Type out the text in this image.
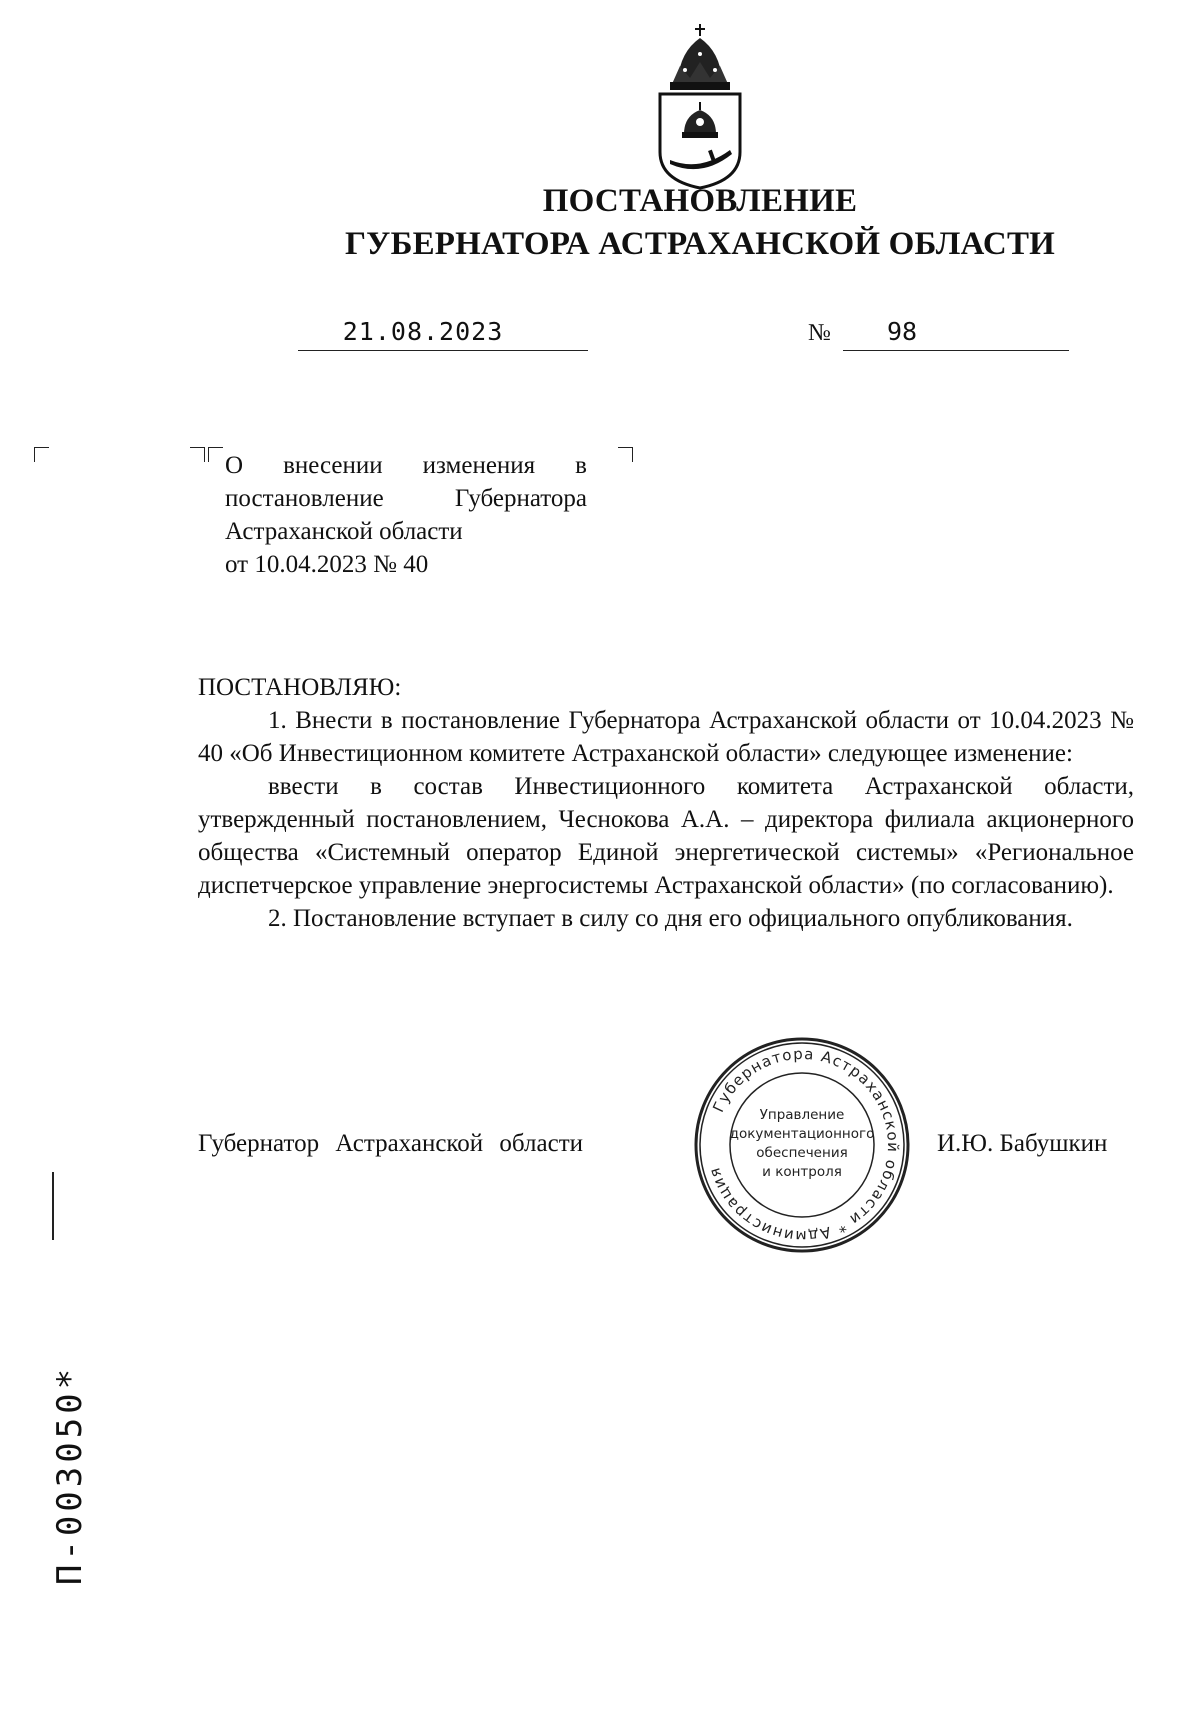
ПОСТАНОВЛЕНИЕ
ГУБЕРНАТОРА АСТРАХАНСКОЙ ОБЛАСТИ
21.08.2023	№	98

О внесении изменения в
постановление Губернатора
Астраханской области
от 10.04.2023 № 40

ПОСТАНОВЛЯЮ:

1. Внести в постановление Губернатора Астраханской области от 10.04.2023 № 40 «Об Инвестиционном комитете Астраханской области» следующее изменение:

ввести в состав Инвестиционного комитета Астраханской области, утвержденный постановлением, Чеснокова А.А. – директора филиала акционерного общества «Системный оператор Единой энергетической системы» «Региональное диспетчерское управление энергосистемы Астраханской области» (по согласованию).

2. Постановление вступает в силу со дня его официального опубликования.

Губернатор Астраханской области	И.Ю. Бабушкин
Губернатора Астраханской области * Администрация
Управление
документационного
обеспечения
и контроля
П-003050*
